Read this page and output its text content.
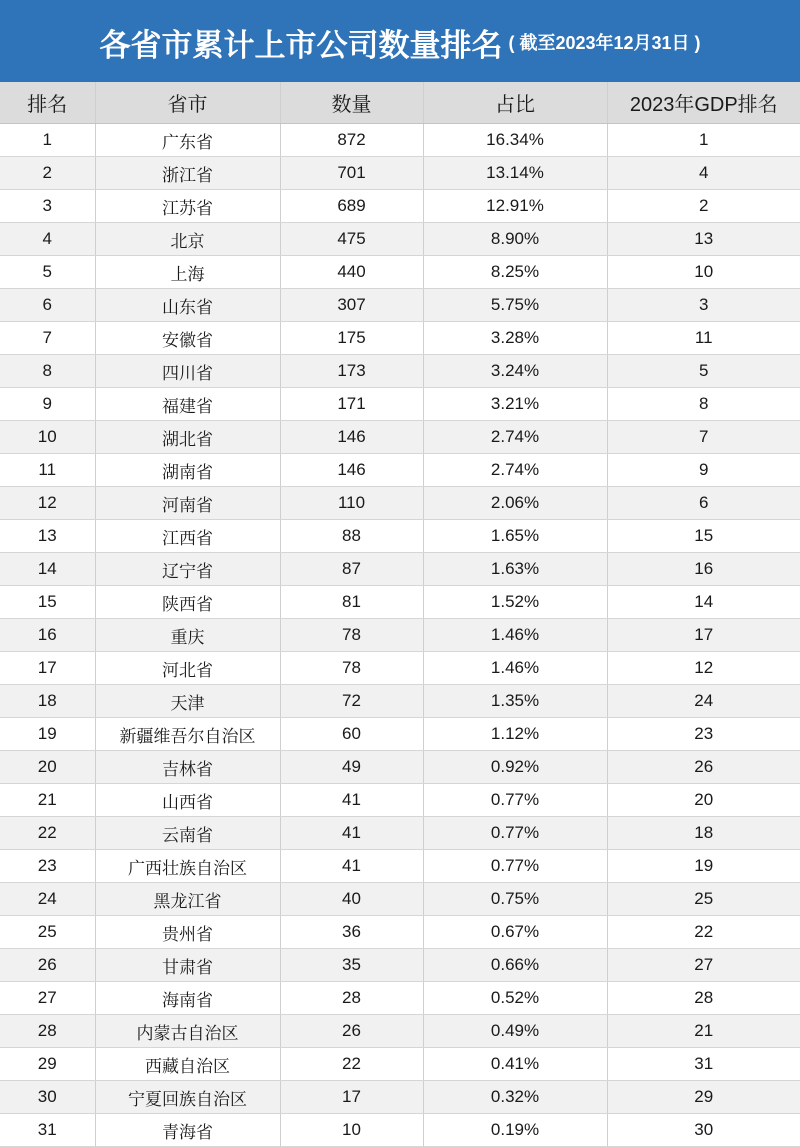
各省市累计上市公司数量排名 ( 截至2023年12月31日 )
排名	省市	数量	占比	2023年GDP排名
1	广东省	872	16.34%	1
2	浙江省	701	13.14%	4
3	江苏省	689	12.91%	2
4	北京	475	8.90%	13
5	上海	440	8.25%	10
6	山东省	307	5.75%	3
7	安徽省	175	3.28%	11
8	四川省	173	3.24%	5
9	福建省	171	3.21%	8
10	湖北省	146	2.74%	7
11	湖南省	146	2.74%	9
12	河南省	110	2.06%	6
13	江西省	88	1.65%	15
14	辽宁省	87	1.63%	16
15	陕西省	81	1.52%	14
16	重庆	78	1.46%	17
17	河北省	78	1.46%	12
18	天津	72	1.35%	24
19	新疆维吾尔自治区	60	1.12%	23
20	吉林省	49	0.92%	26
21	山西省	41	0.77%	20
22	云南省	41	0.77%	18
23	广西壮族自治区	41	0.77%	19
24	黑龙江省	40	0.75%	25
25	贵州省	36	0.67%	22
26	甘肃省	35	0.66%	27
27	海南省	28	0.52%	28
28	内蒙古自治区	26	0.49%	21
29	西藏自治区	22	0.41%	31
30	宁夏回族自治区	17	0.32%	29
31	青海省	10	0.19%	30
